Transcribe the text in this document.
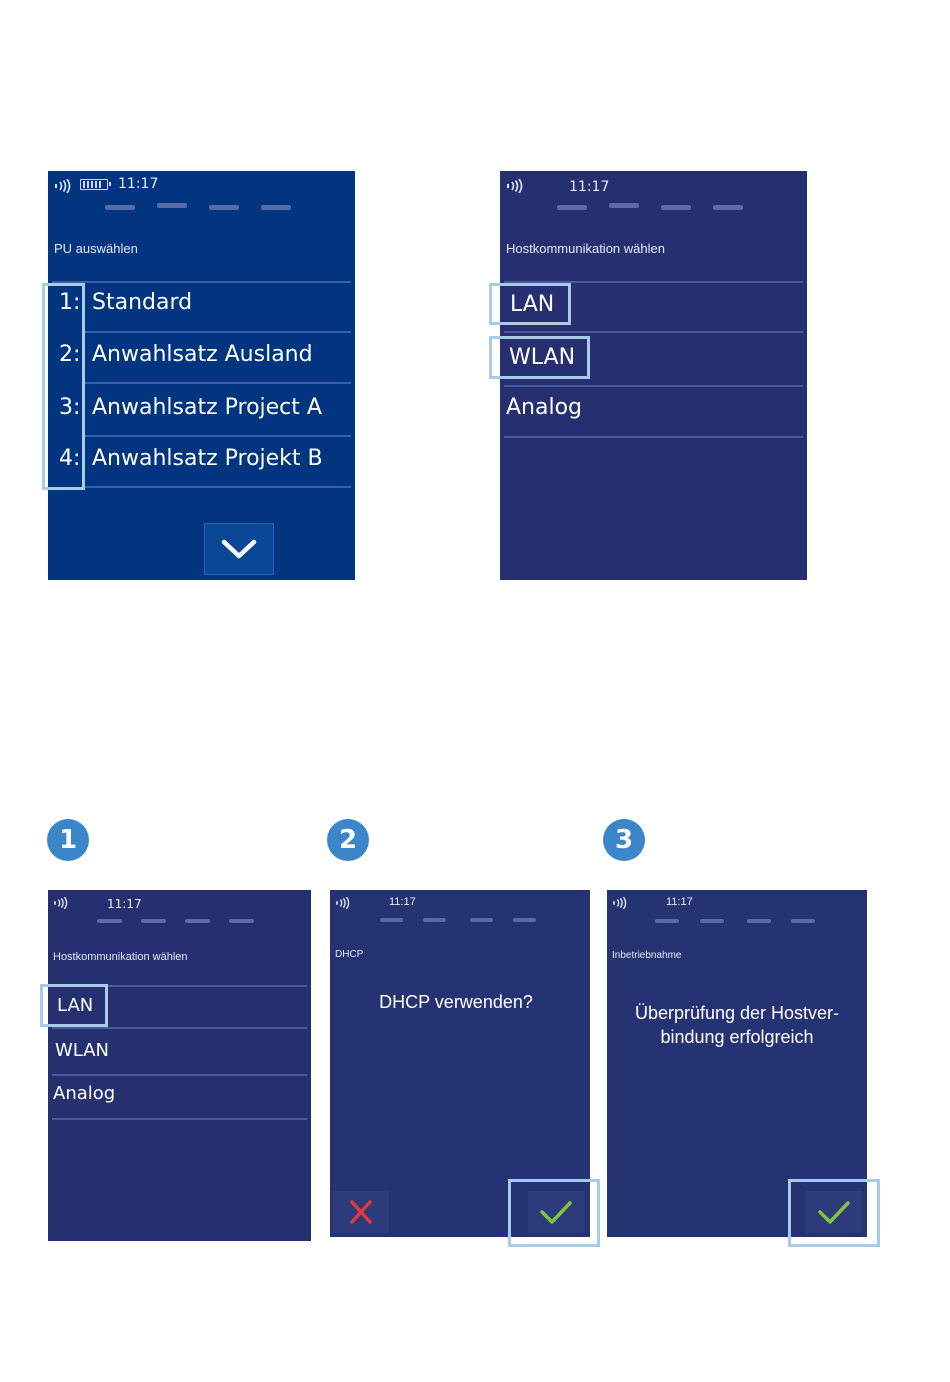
11:17
PU auswählen
1: Standard
2: Anwahlsatz Ausland
3: Anwahlsatz Project A
4: Anwahlsatz Projekt B
11:17
Hostkommunikation wählen
LAN
WLAN
Analog
1	2	3
11:17
Hostkommunikation wählen
LAN
WLAN
Analog
11:17
DHCP
DHCP verwenden?
11:17
Inbetriebnahme
Überprüfung der Hostver-
bindung erfolgreich
